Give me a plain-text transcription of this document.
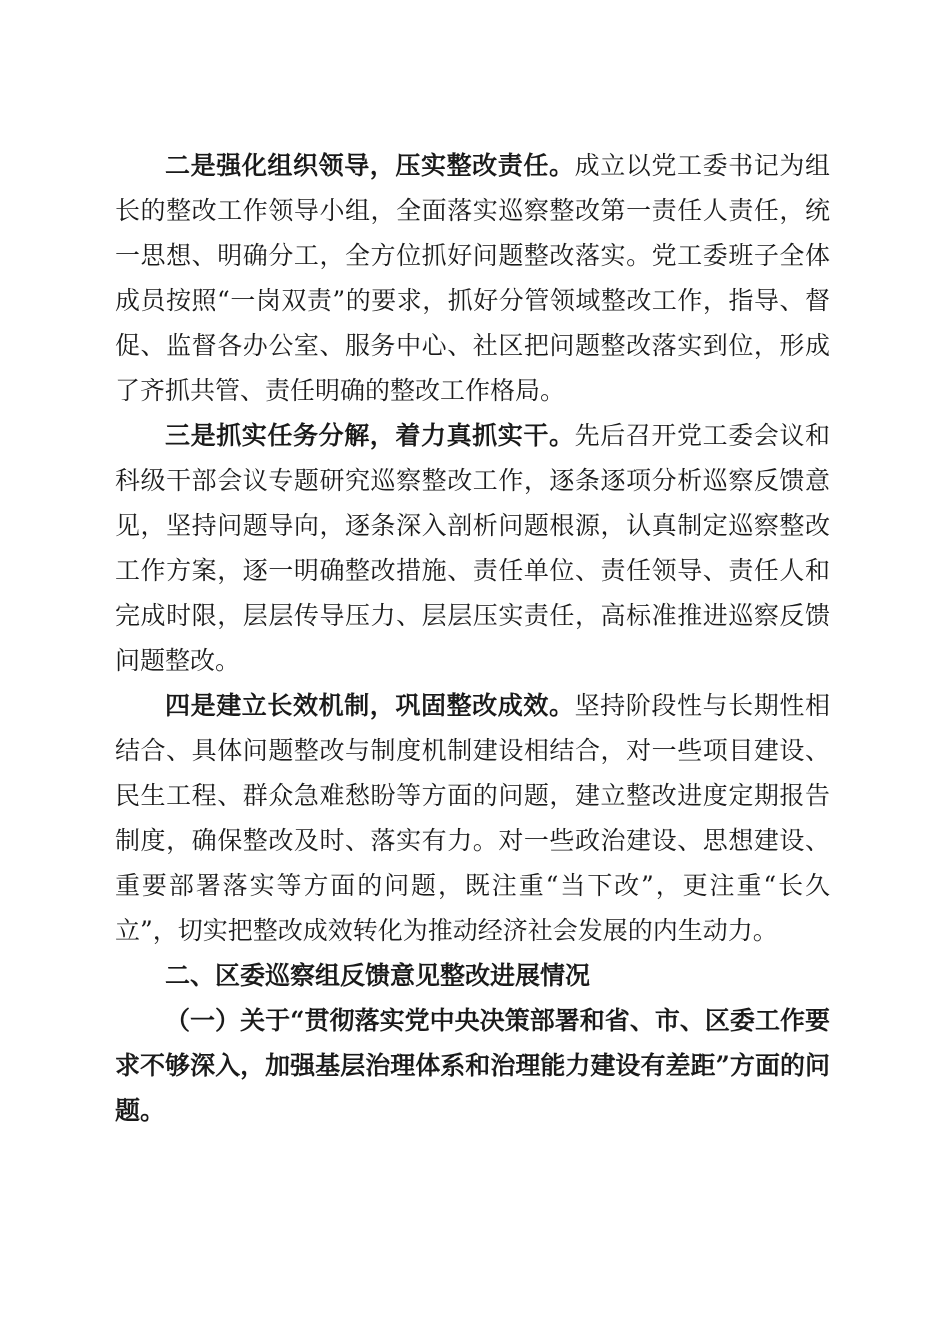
二是强化组织领导，压实整改责任。成立以党工委书记为组长的整改工作领导小组，全面落实巡察整改第一责任人责任，统一思想、明确分工，全方位抓好问题整改落实。党工委班子全体成员按照“一岗双责”的要求，抓好分管领域整改工作，指导、督促、监督各办公室、服务中心、社区把问题整改落实到位，形成了齐抓共管、责任明确的整改工作格局。

三是抓实任务分解，着力真抓实干。先后召开党工委会议和科级干部会议专题研究巡察整改工作，逐条逐项分析巡察反馈意见，坚持问题导向，逐条深入剖析问题根源，认真制定巡察整改工作方案，逐一明确整改措施、责任单位、责任领导、责任人和完成时限，层层传导压力、层层压实责任，高标准推进巡察反馈问题整改。

四是建立长效机制，巩固整改成效。坚持阶段性与长期性相结合、具体问题整改与制度机制建设相结合，对一些项目建设、民生工程、群众急难愁盼等方面的问题，建立整改进度定期报告制度，确保整改及时、落实有力。对一些政治建设、思想建设、重要部署落实等方面的问题，既注重“当下改”，更注重“长久立”，切实把整改成效转化为推动经济社会发展的内生动力。

二、区委巡察组反馈意见整改进展情况

（一）关于“贯彻落实党中央决策部署和省、市、区委工作要求不够深入，加强基层治理体系和治理能力建设有差距”方面的问题。
